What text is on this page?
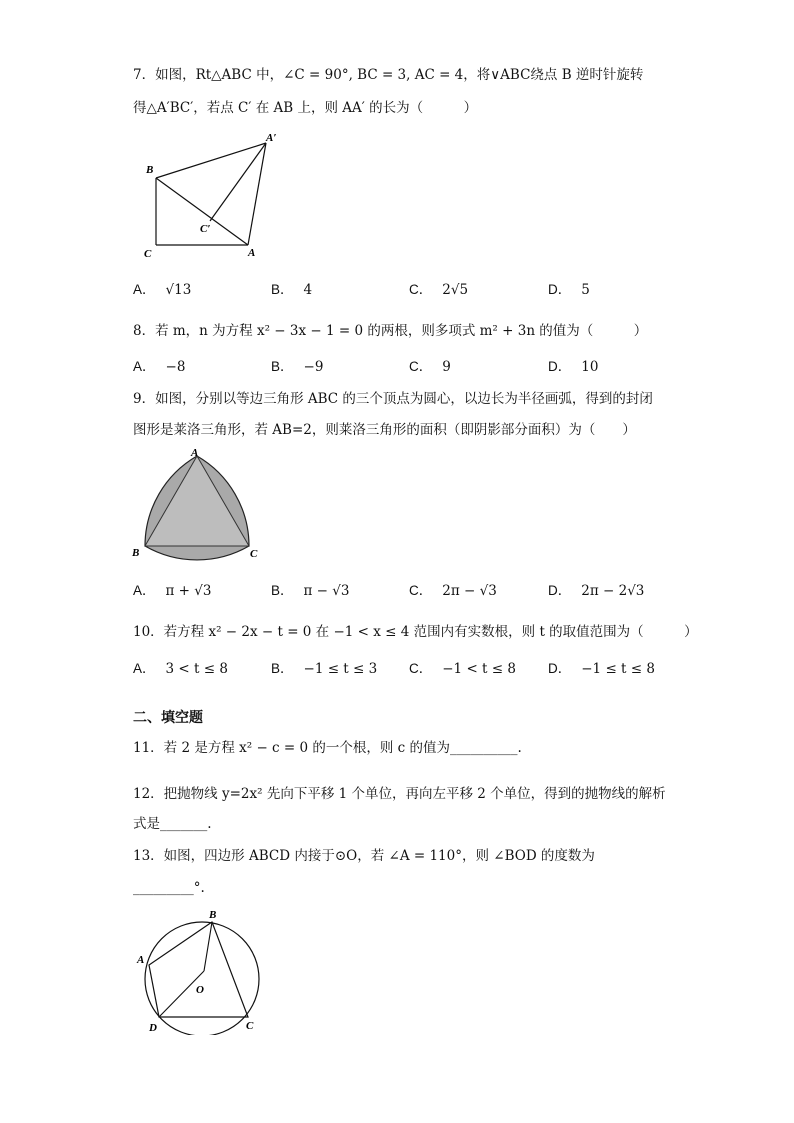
7．如图，Rt△ABC 中，∠C = 90°, BC = 3, AC = 4，将∨ABC绕点 B 逆时针旋转
得△A′BC′，若点 C′ 在 AB 上，则 AA′ 的长为（　　　）
B
C	A
A′
C′
A． √13	B． 4	C． 2√5	D． 5
8．若 m，n 为方程 x² − 3x − 1 = 0 的两根，则多项式 m² + 3n 的值为（　　　）
A． −8	B． −9	C． 9	D． 10
9．如图，分别以等边三角形 ABC 的三个顶点为圆心，以边长为半径画弧，得到的封闭
图形是莱洛三角形，若 AB=2，则莱洛三角形的面积（即阴影部分面积）为（　　）
A
B	C
A． π + √3	B． π − √3	C． 2π − √3	D． 2π − 2√3
10．若方程 x² − 2x − t = 0 在 −1 < x ≤ 4 范围内有实数根，则 t 的取值范围为（　　　）
A． 3 < t ≤ 8	B． −1 ≤ t ≤ 3 C． −1 < t ≤ 8 D． −1 ≤ t ≤ 8
二、填空题
11．若 2 是方程 x² − c = 0 的一个根，则 c 的值为__________.
12．把抛物线 y=2x² 先向下平移 1 个单位，再向左平移 2 个单位，得到的抛物线的解析
式是_______.
13．如图，四边形 ABCD 内接于⊙O，若 ∠A = 110°，则 ∠BOD 的度数为
_________°.
B
A
O
D	C
